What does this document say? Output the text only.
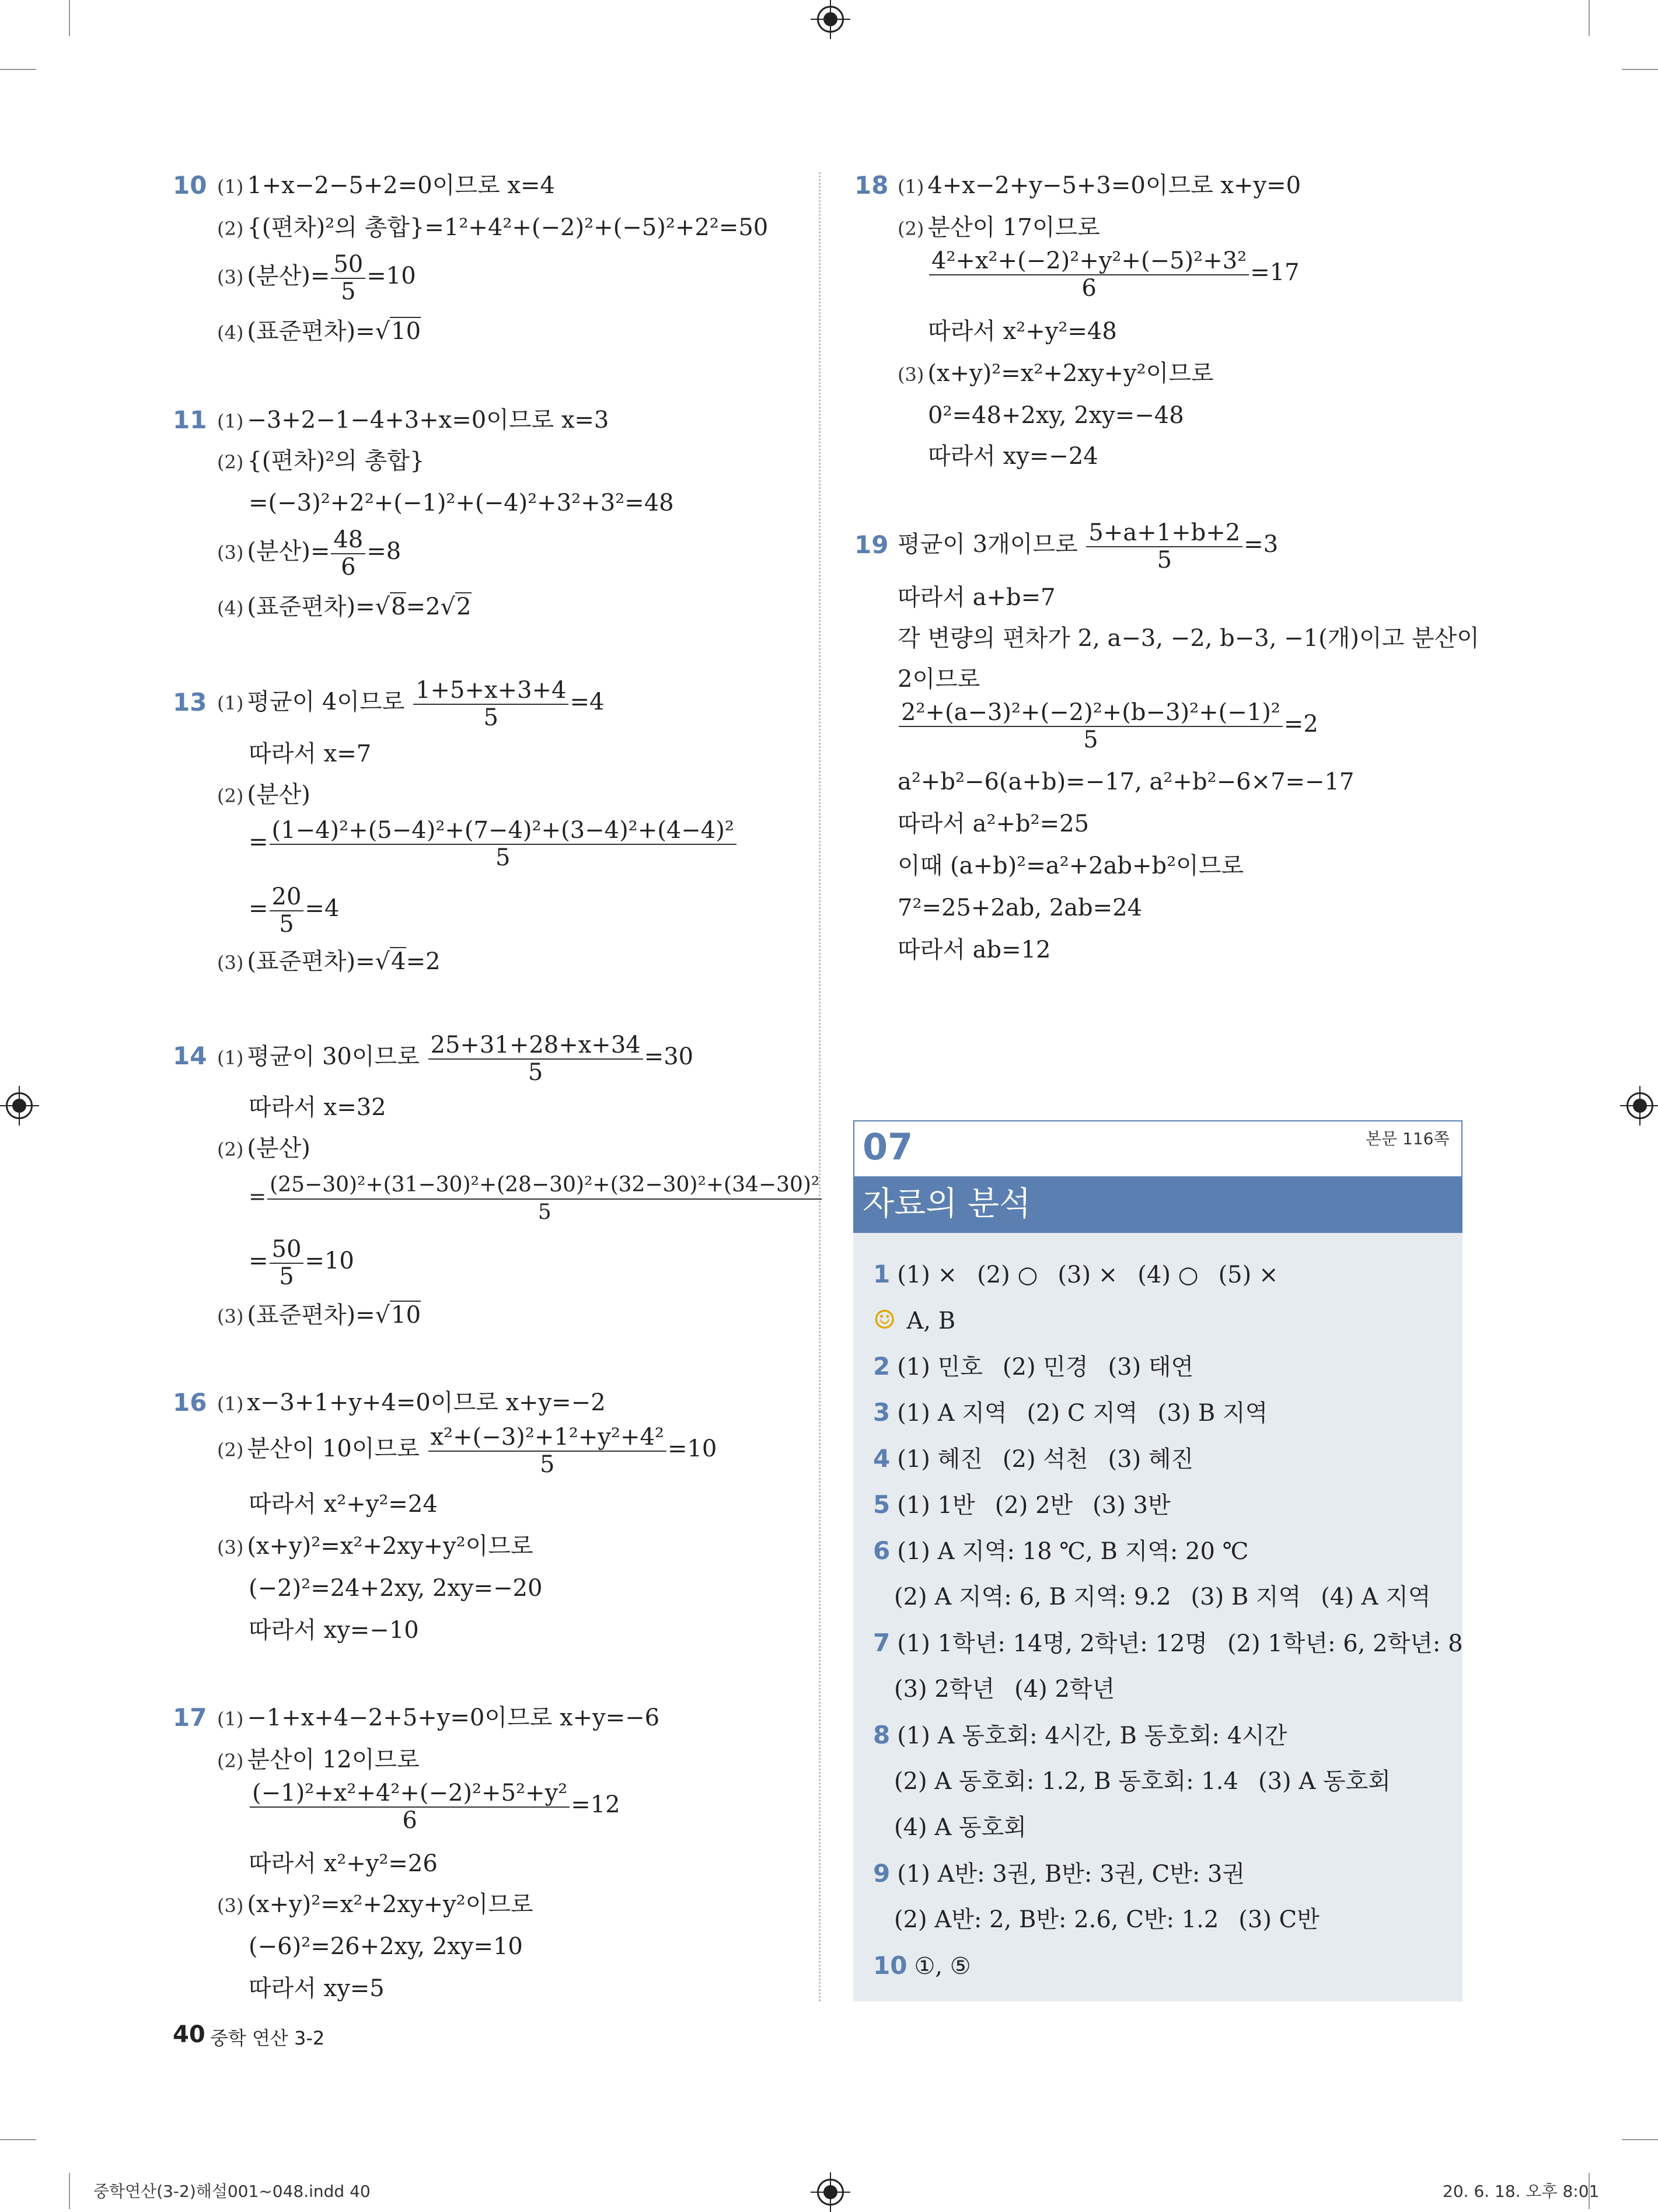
10 (1) 1+x−2−5+2=0이므로 x=4
(2) {(편차)²의 총합}=1²+4²+(−2)²+(−5)²+2²=50
(3) (분산)= $\frac{50}{5} =10$
(4) (표준편차)=√10
11 (1) −3+2−1−4+3+x=0이므로 x=3
(2) {(편차)²의 총합}
=(−3)²+2²+(−1)²+(−4)²+3²+3²=48
(3) (분산)= $\frac{48}{6} =8$
(4) (표준편차)=√8=2√2
13 (1) 평균이 4이므로 $\frac{1+5+x+3+4}{5} =4$
따라서 x=7
(2) (분산)
= $\frac{\text{(1−4)²+(5−4)²+(7−4)²+(3−4)²+(4−4)²}}{5}$
= $\frac{20}{5} =4$
(3) (표준편차)=√4=2
14 (1) 평균이 30이므로 $\frac{25+31+28+x+34}{5} =30$
따라서 x=32
(2) (분산)
= $\frac{\text{(25−30)²+(31−30)²+(28−30)²+(32−30)²+(34−30)²}}{5}$
= $\frac{50}{5} =10$
(3) (표준편차)=√10
16 (1) x−3+1+y+4=0이므로 x+y=−2
(2) 분산이 10이므로 $\frac{\text{x²+(−3)²+1²+y²+4²}}{5} =10$
따라서 x²+y²=24
(3) (x+y)²=x²+2xy+y²이므로
(−2)²=24+2xy, 2xy=−20
따라서 xy=−10
17 (1) −1+x+4−2+5+y=0이므로 x+y=−6
(2) 분산이 12이므로
$\frac{\text{(−1)²+x²+4²+(−2)²+5²+y²}}{6} =12$
따라서 x²+y²=26
(3) (x+y)²=x²+2xy+y²이므로
(−6)²=26+2xy, 2xy=10
따라서 xy=5
18 (1) 4+x−2+y−5+3=0이므로 x+y=0
(2) 분산이 17이므로
$\frac{\text{4²+x²+(−2)²+y²+(−5)²+3²}}{6} =17$
따라서 x²+y²=48
(3) (x+y)²=x²+2xy+y²이므로
0²=48+2xy, 2xy=−48
따라서 xy=−24
19 평균이 3개이므로 $\frac{5+a+1+b+2}{5} =3$
따라서 a+b=7
각 변량의 편차가 2, a−3, −2, b−3, −1(개)이고 분산이
2이므로
$\frac{\text{2²+(a−3)²+(−2)²+(b−3)²+(−1)²}}{5} =2$
a²+b²−6(a+b)=−17, a²+b²−6×7=−17
따라서 a²+b²=25
이때 (a+b)²=a²+2ab+b²이므로
7²=25+2ab, 2ab=24
따라서 ab=12
07	본문 116쪽
자료의 분석
1 (1) × (2) ○ (3) × (4) ○ (5) ×
☺ A, B
2 (1) 민호 (2) 민경 (3) 태연
3 (1) A 지역 (2) C 지역 (3) B 지역
4 (1) 혜진 (2) 석천 (3) 혜진
5 (1) 1반 (2) 2반 (3) 3반
6 (1) A 지역: 18 ℃, B 지역: 20 ℃
(2) A 지역: 6, B 지역: 9.2 (3) B 지역 (4) A 지역
7 (1) 1학년: 14명, 2학년: 12명 (2) 1학년: 6, 2학년: 8
(3) 2학년 (4) 2학년
8 (1) A 동호회: 4시간, B 동호회: 4시간
(2) A 동호회: 1.2, B 동호회: 1.4 (3) A 동호회
(4) A 동호회
9 (1) A반: 3권, B반: 3권, C반: 3권
(2) A반: 2, B반: 2.6, C반: 1.2 (3) C반
10 ①, ⑤
40 중학 연산 3-2
중학연산(3-2)해설001~048.indd 40	20. 6. 18. 오후 8:01
